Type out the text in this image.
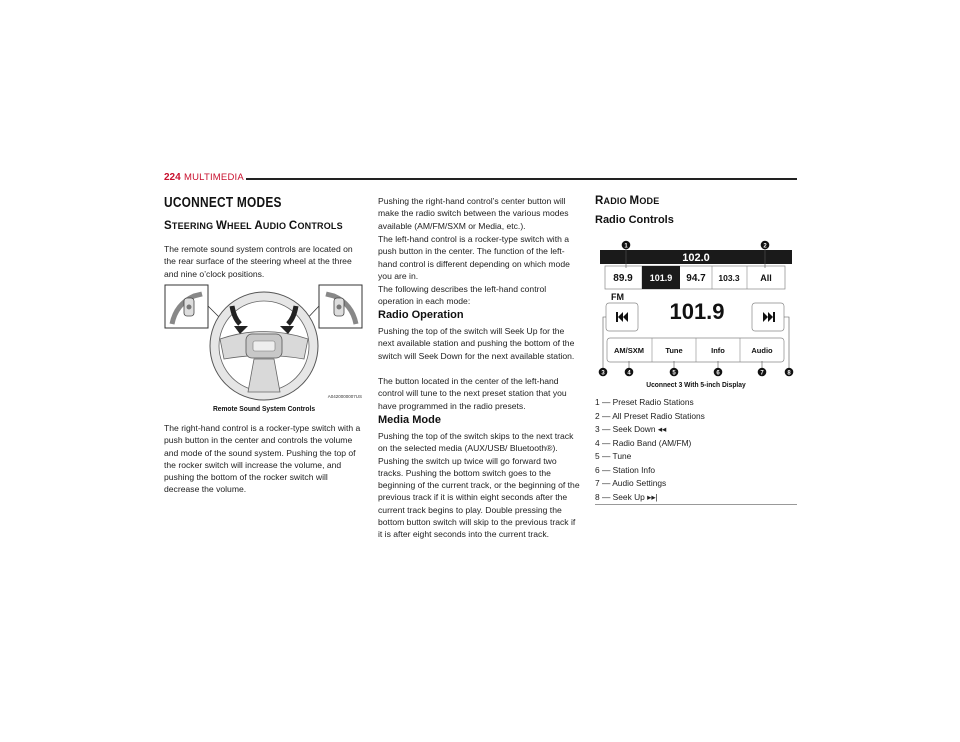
224 MULTIMEDIA
UCONNECT MODES
STEERING WHEEL AUDIO CONTROLS

The remote sound system controls are located on the rear surface of the steering wheel at the three and nine o’clock positions.

A0420000007US
Remote Sound System Controls

The right-hand control is a rocker-type switch with a push button in the center and controls the volume and mode of the sound system. Pushing the top of the rocker switch will increase the volume, and pushing the bottom of the rocker switch will decrease the volume.

Pushing the right-hand control’s center button will make the radio switch between the various modes available (AM/FM/SXM or Media, etc.).

The left-hand control is a rocker-type switch with a push button in the center. The function of the left-hand control is different depending on which mode you are in.

The following describes the left-hand control operation in each mode:

Radio Operation

Pushing the top of the switch will Seek Up for the next available station and pushing the bottom of the switch will Seek Down for the next available station.

The button located in the center of the left-hand control will tune to the next preset station that you have programmed in the radio presets.

Media Mode

Pushing the top of the switch skips to the next track on the selected media (AUX/USB/ Bluetooth®). Pushing the switch up twice will go forward two tracks. Pushing the bottom switch goes to the beginning of the current track, or the beginning of the previous track if it is within eight seconds after the current track begins to play. Double pressing the bottom button switch will skip to the previous track if it is after eight seconds into the current track.

RADIO MODE
Radio Controls
102.0
89.9 101.9 94.7 103.3 All
FM
101.9
AM/SXM	Tune	Info	Audio
1	2
3	4	5	6	7	8
Uconnect 3 With 5-inch Display
1 — Preset Radio Stations
2 — All Preset Radio Stations
3 — Seek Down ◂◂
4 — Radio Band (AM/FM)
5 — Tune
6 — Station Info
7 — Audio Settings
8 — Seek Up ▸▸|
